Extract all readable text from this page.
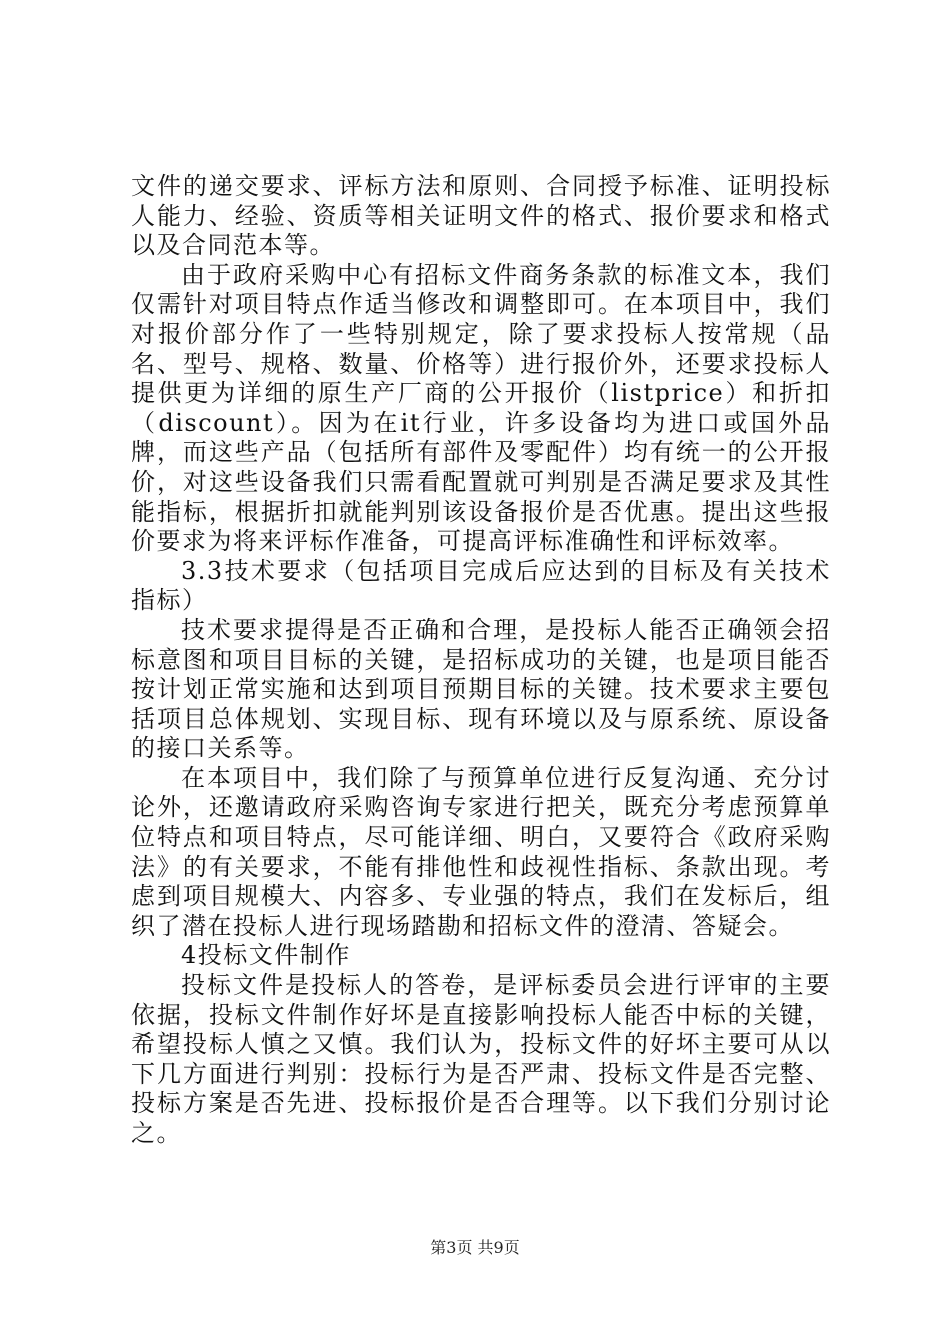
文件的递交要求、评标方法和原则、合同授予标准、证明投标人能力、经验、资质等相关证明文件的格式、报价要求和格式以及合同范本等。

由于政府采购中心有招标文件商务条款的标准文本，我们仅需针对项目特点作适当修改和调整即可。在本项目中，我们对报价部分作了一些特别规定，除了要求投标人按常规（品名、型号、规格、数量、价格等）进行报价外，还要求投标人提供更为详细的原生产厂商的公开报价（listprice）和折扣（discount）。因为在it行业，许多设备均为进口或国外品牌，而这些产品（包括所有部件及零配件）均有统一的公开报价，对这些设备我们只需看配置就可判别是否满足要求及其性能指标，根据折扣就能判别该设备报价是否优惠。提出这些报价要求为将来评标作准备，可提高评标准确性和评标效率。

3.3技术要求（包括项目完成后应达到的目标及有关技术指标）

技术要求提得是否正确和合理，是投标人能否正确领会招标意图和项目目标的关键，是招标成功的关键，也是项目能否按计划正常实施和达到项目预期目标的关键。技术要求主要包括项目总体规划、实现目标、现有环境以及与原系统、原设备的接口关系等。

在本项目中，我们除了与预算单位进行反复沟通、充分讨论外，还邀请政府采购咨询专家进行把关，既充分考虑预算单位特点和项目特点，尽可能详细、明白，又要符合《政府采购法》的有关要求，不能有排他性和歧视性指标、条款出现。考虑到项目规模大、内容多、专业强的特点，我们在发标后，组织了潜在投标人进行现场踏勘和招标文件的澄清、答疑会。

4投标文件制作

投标文件是投标人的答卷，是评标委员会进行评审的主要依据，投标文件制作好坏是直接影响投标人能否中标的关键，希望投标人慎之又慎。我们认为，投标文件的好坏主要可从以下几方面进行判别：投标行为是否严肃、投标文件是否完整、投标方案是否先进、投标报价是否合理等。以下我们分别讨论之。

第3页 共9页
